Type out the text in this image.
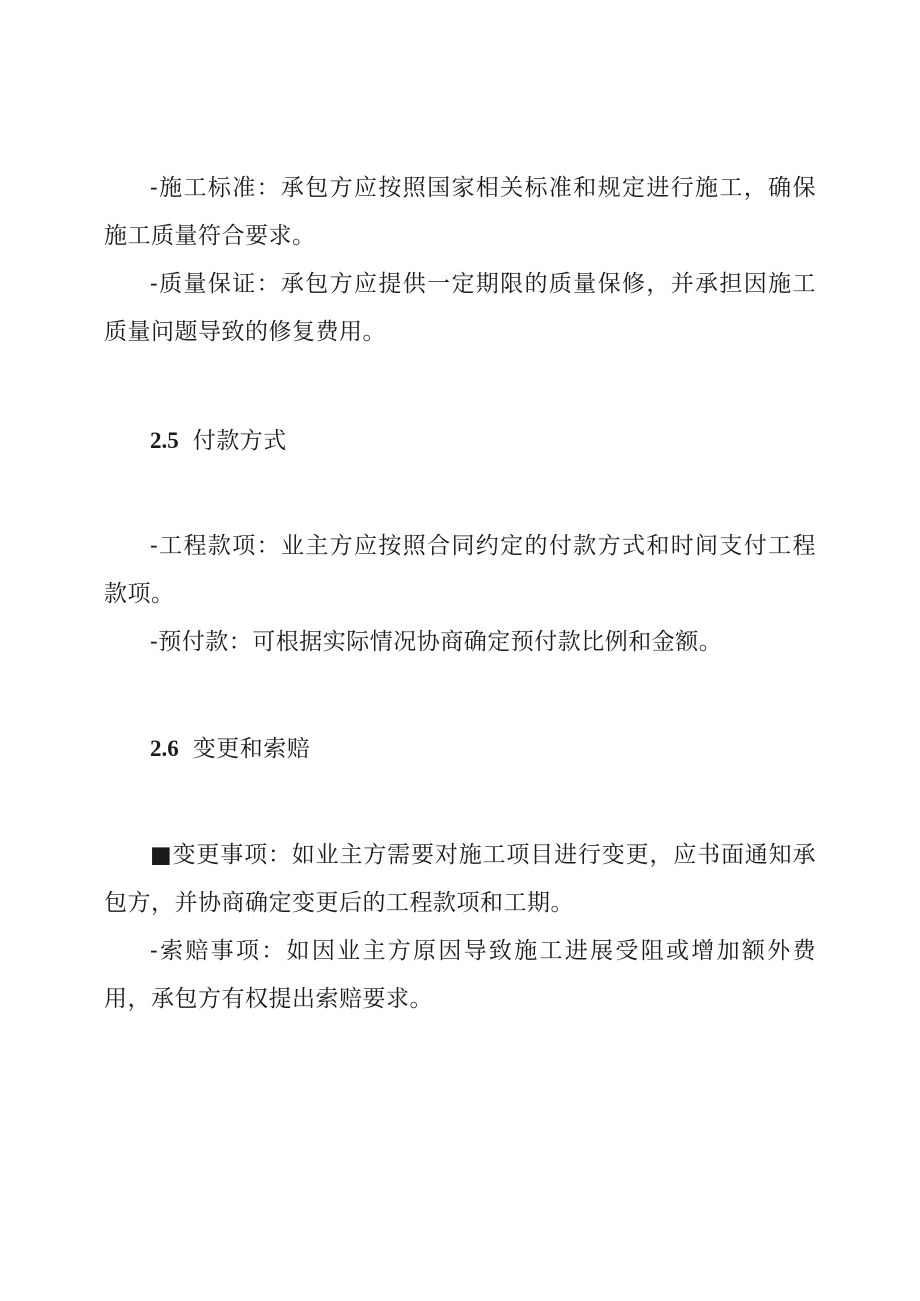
-施工标准：承包方应按照国家相关标准和规定进行施工，确保施工质量符合要求。

-质量保证：承包方应提供一定期限的质量保修，并承担因施工质量问题导致的修复费用。

2.5 付款方式

-工程款项：业主方应按照合同约定的付款方式和时间支付工程款项。

-预付款：可根据实际情况协商确定预付款比例和金额。

2.6 变更和索赔

■变更事项：如业主方需要对施工项目进行变更，应书面通知承包方，并协商确定变更后的工程款项和工期。

-索赔事项：如因业主方原因导致施工进展受阻或增加额外费用，承包方有权提出索赔要求。
